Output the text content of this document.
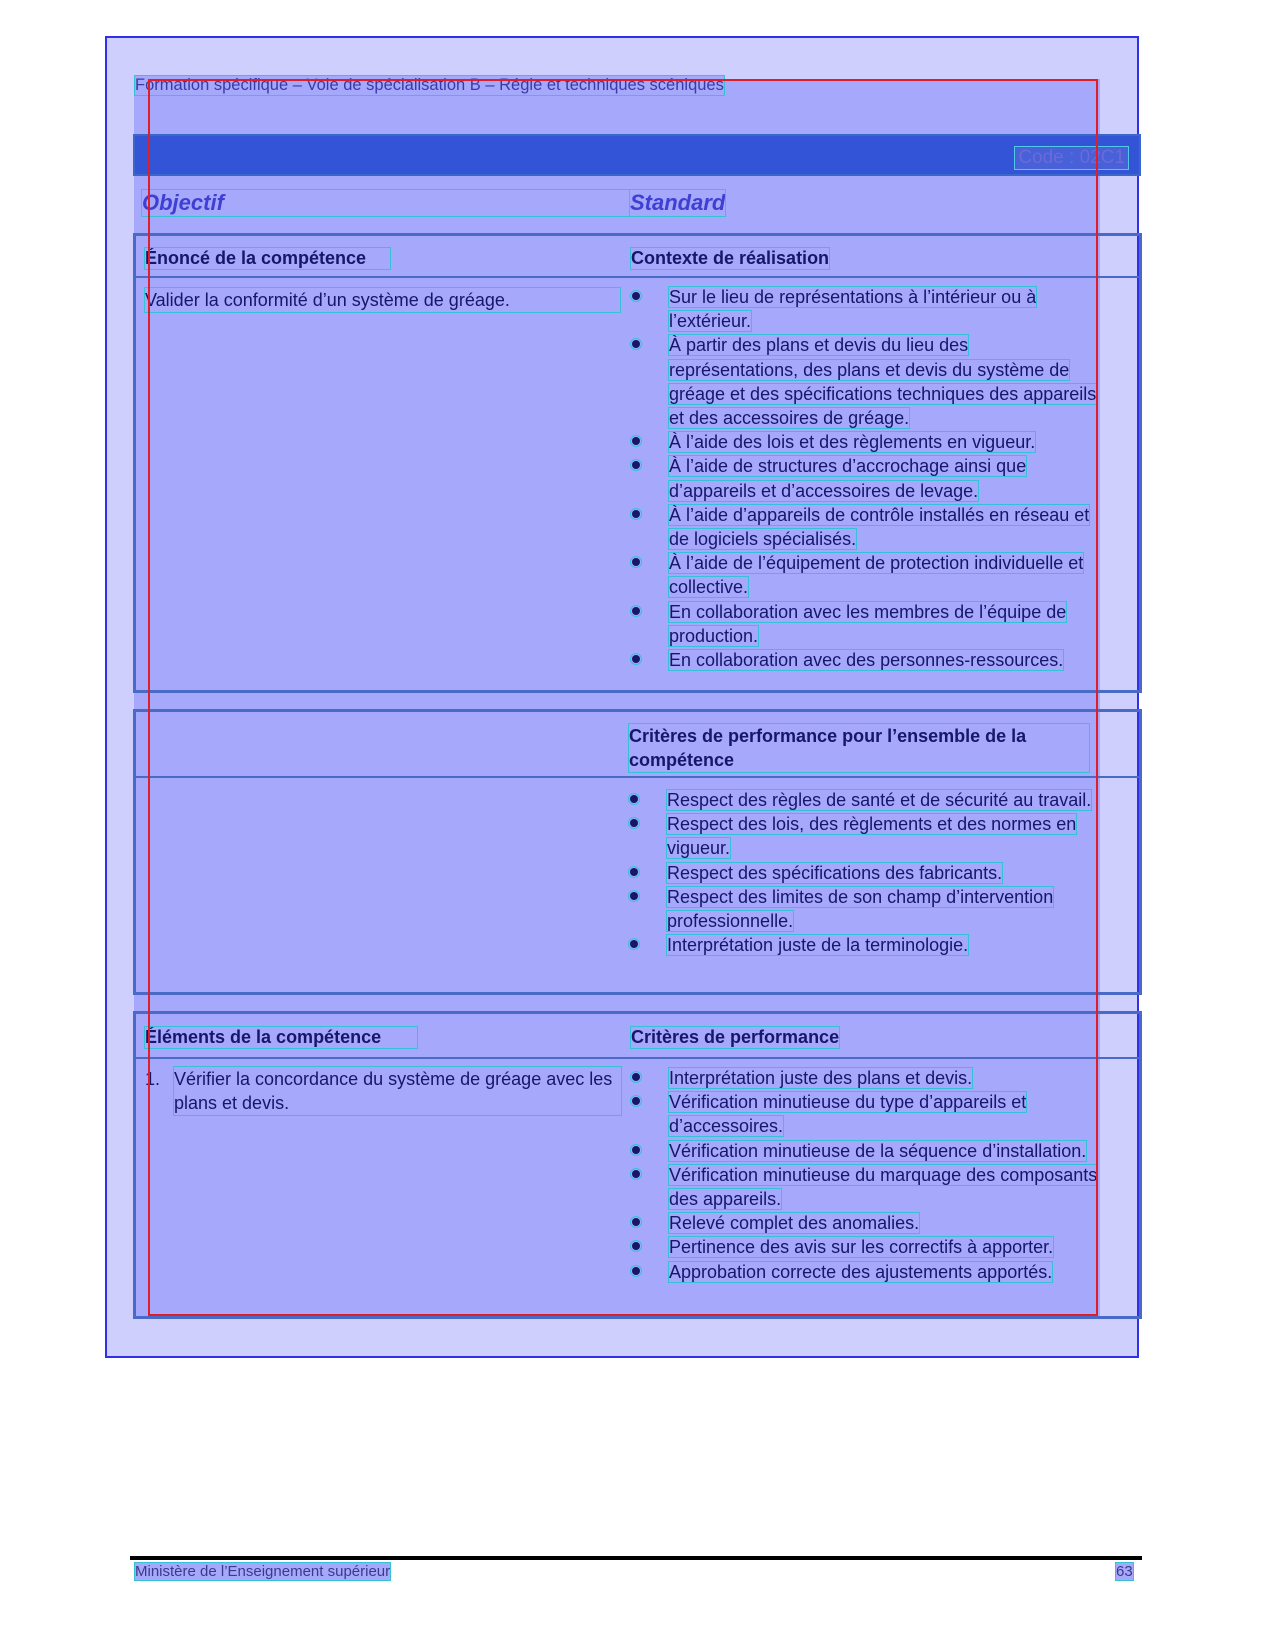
Formation spécifique – Voie de spécialisation B – Régie et techniques scéniques
Code : 02C1
Objectif	Standard
Énoncé de la compétence	Contexte de réalisation
Valider la conformité d’un système de gréage.	Sur le lieu de représentations à l’intérieur ou à l’extérieur.
À partir des plans et devis du lieu des représentations, des plans et devis du système de gréage et des spécifications techniques des appareils et des accessoires de gréage.
À l’aide des lois et des règlements en vigueur.
À l’aide de structures d’accrochage ainsi que d’appareils et d’accessoires de levage.
À l’aide d’appareils de contrôle installés en réseau et de logiciels spécialisés.
À l’aide de l’équipement de protection individuelle et collective.
En collaboration avec les membres de l’équipe de production.
En collaboration avec des personnes-ressources.
Critères de performance pour l’ensemble de la compétence
Respect des règles de santé et de sécurité au travail.
Respect des lois, des règlements et des normes en vigueur.
Respect des spécifications des fabricants.
Respect des limites de son champ d’intervention professionnelle.
Interprétation juste de la terminologie.
Éléments de la compétence	Critères de performance
1. Vérifier la concordance du système de gréage avec les plans et devis.
Interprétation juste des plans et devis.
Vérification minutieuse du type d’appareils et d’accessoires.
Vérification minutieuse de la séquence d’installation.
Vérification minutieuse du marquage des composants des appareils.
Relevé complet des anomalies.
Pertinence des avis sur les correctifs à apporter.
Approbation correcte des ajustements apportés.
Ministère de l’Enseignement supérieur	63
